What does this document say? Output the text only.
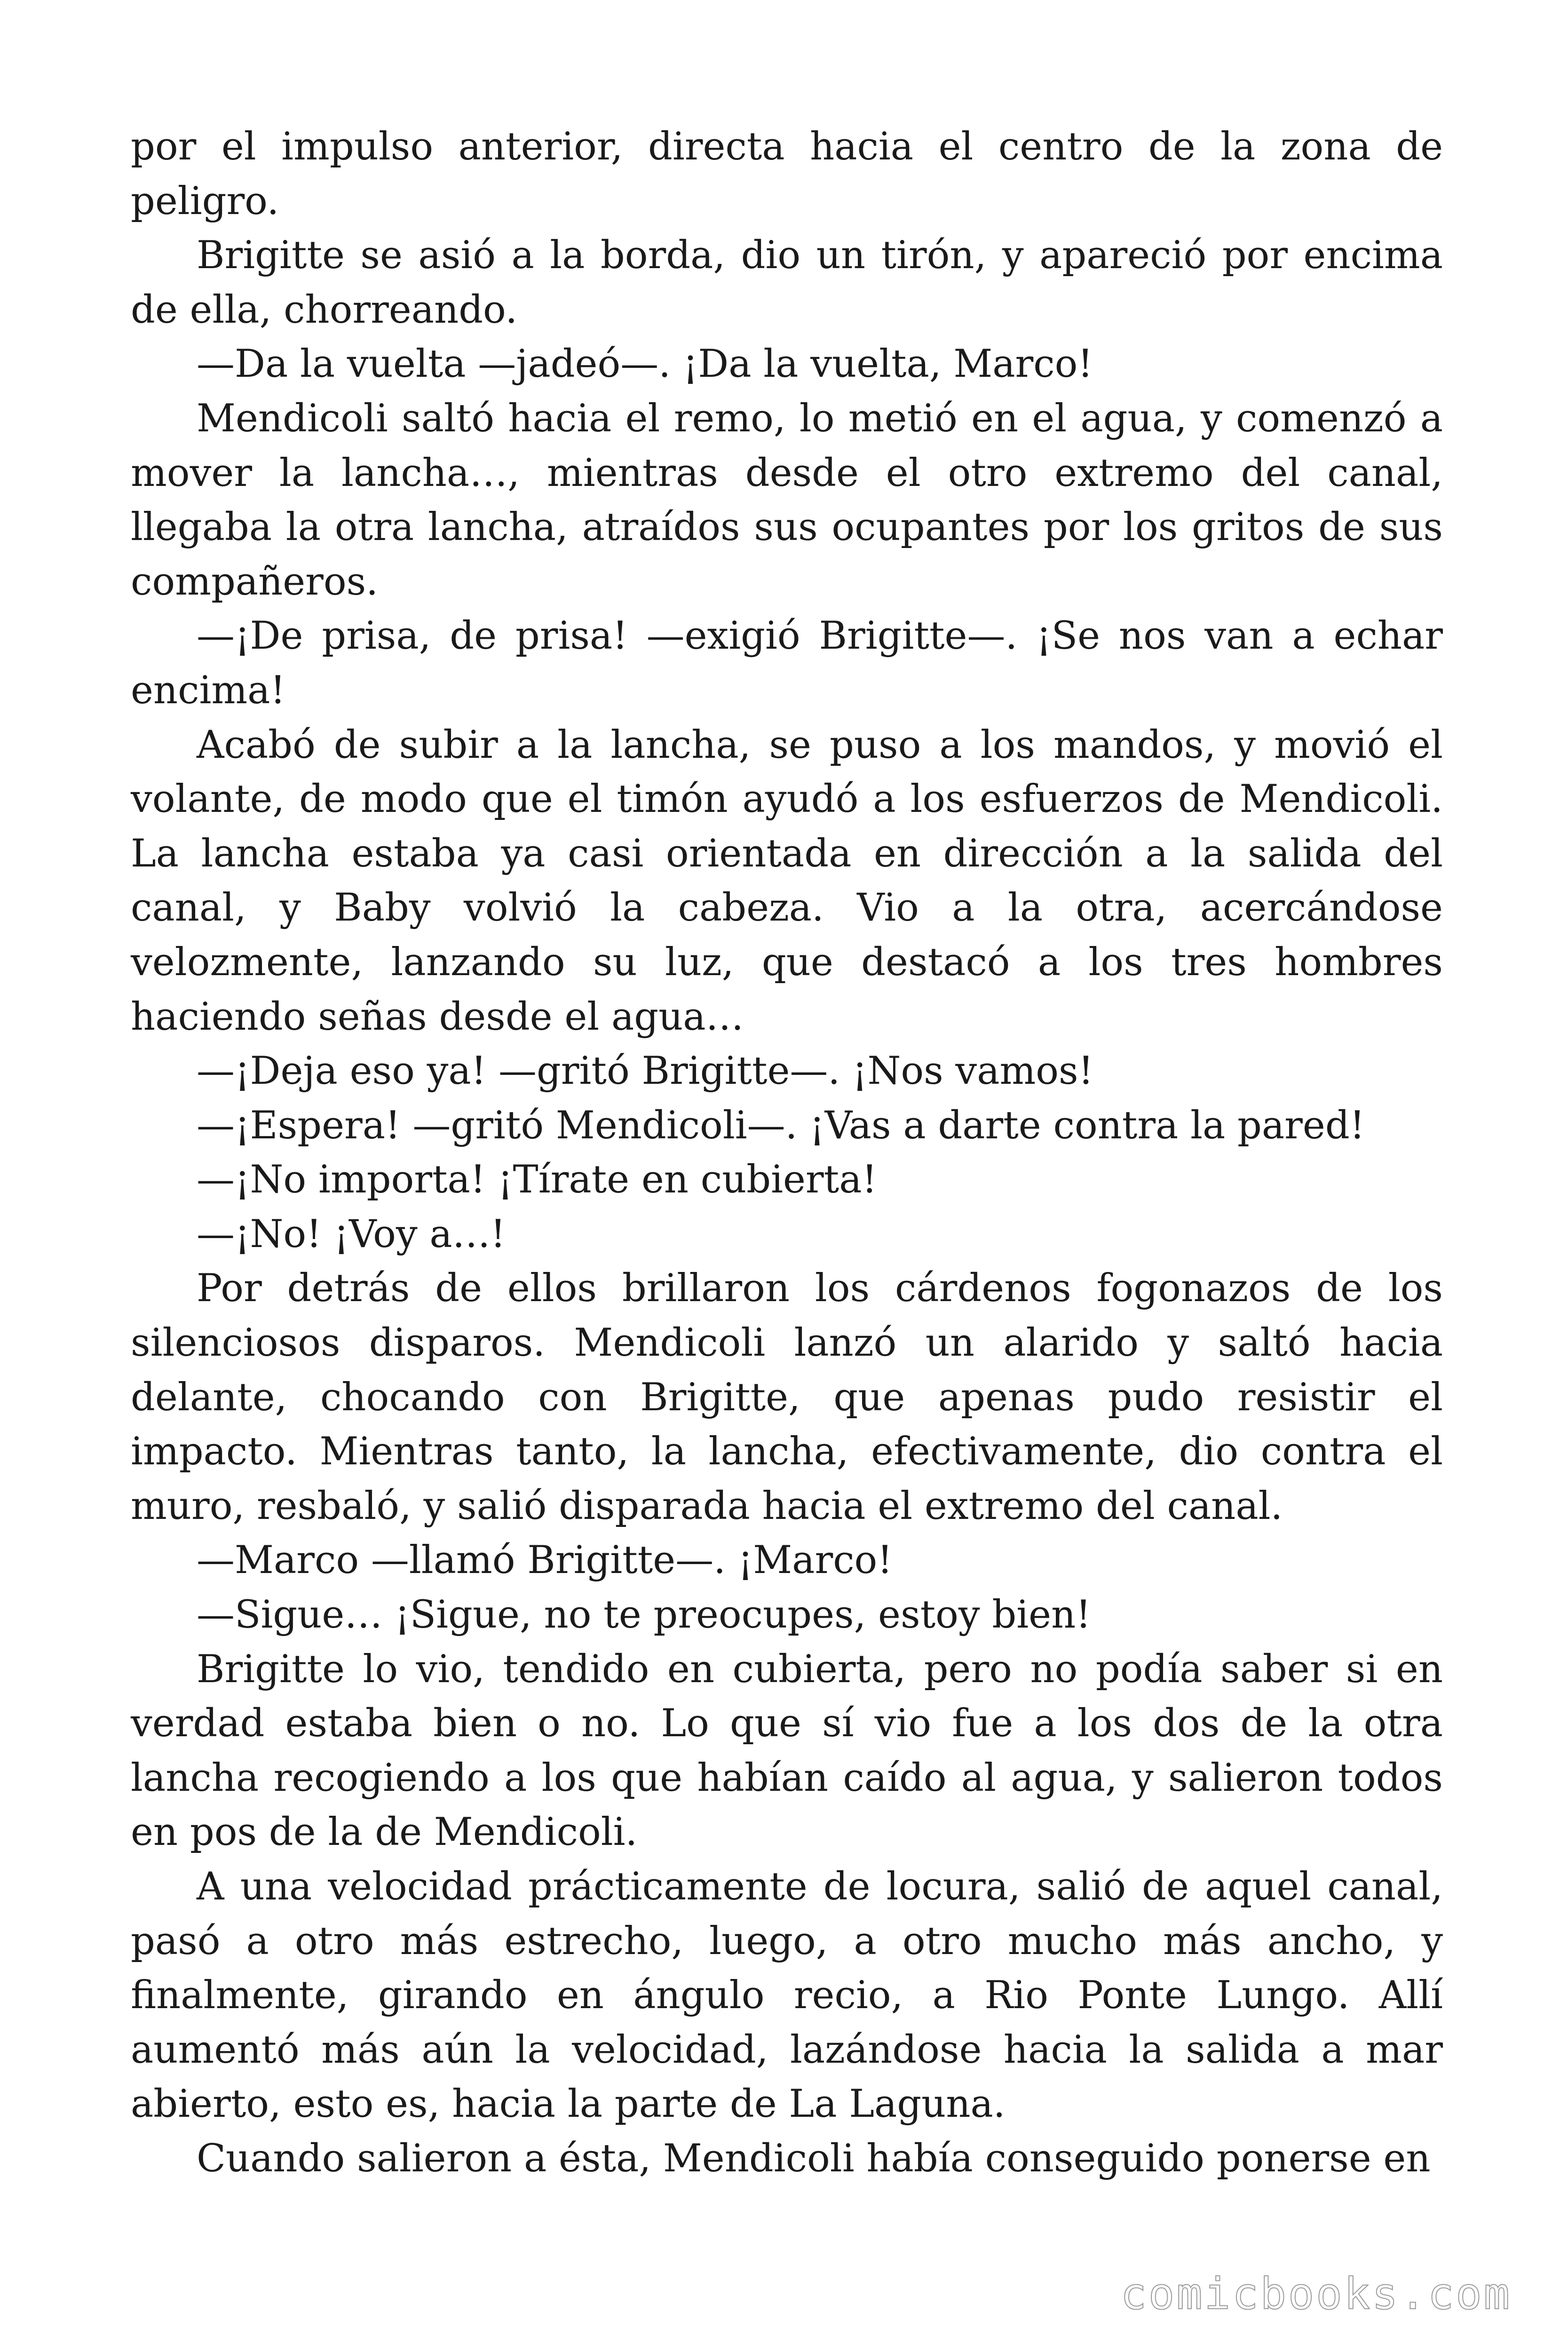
por el impulso anterior, directa hacia el centro de la zona de peligro.

Brigitte se asió a la borda, dio un tirón, y apareció por encima de ella, chorreando.

—Da la vuelta —jadeó—. ¡Da la vuelta, Marco!

Mendicoli saltó hacia el remo, lo metió en el agua, y comenzó a mover la lancha…, mientras desde el otro extremo del canal, llegaba la otra lancha, atraídos sus ocupantes por los gritos de sus compañeros.

—¡De prisa, de prisa! —exigió Brigitte—. ¡Se nos van a echar encima!

Acabó de subir a la lancha, se puso a los mandos, y movió el volante, de modo que el timón ayudó a los esfuerzos de Mendicoli. La lancha estaba ya casi orientada en dirección a la salida del canal, y Baby volvió la cabeza. Vio a la otra, acercándose velozmente, lanzando su luz, que destacó a los tres hombres haciendo señas desde el agua…

—¡Deja eso ya! —gritó Brigitte—. ¡Nos vamos!

—¡Espera! —gritó Mendicoli—. ¡Vas a darte contra la pared!

—¡No importa! ¡Tírate en cubierta!

—¡No! ¡Voy a…!

Por detrás de ellos brillaron los cárdenos fogonazos de los silenciosos disparos. Mendicoli lanzó un alarido y saltó hacia delante, chocando con Brigitte, que apenas pudo resistir el impacto. Mientras tanto, la lancha, efectivamente, dio contra el muro, resbaló, y salió disparada hacia el extremo del canal.

—Marco —llamó Brigitte—. ¡Marco!

—Sigue… ¡Sigue, no te preocupes, estoy bien!

Brigitte lo vio, tendido en cubierta, pero no podía saber si en verdad estaba bien o no. Lo que sí vio fue a los dos de la otra lancha recogiendo a los que habían caído al agua, y salieron todos en pos de la de Mendicoli.

A una velocidad prácticamente de locura, salió de aquel canal, pasó a otro más estrecho, luego, a otro mucho más ancho, y finalmente, girando en ángulo recio, a Rio Ponte Lungo. Allí aumentó más aún la velocidad, lazándose hacia la salida a mar abierto, esto es, hacia la parte de La Laguna.

Cuando salieron a ésta, Mendicoli había conseguido ponerse en

comicbooks.com
